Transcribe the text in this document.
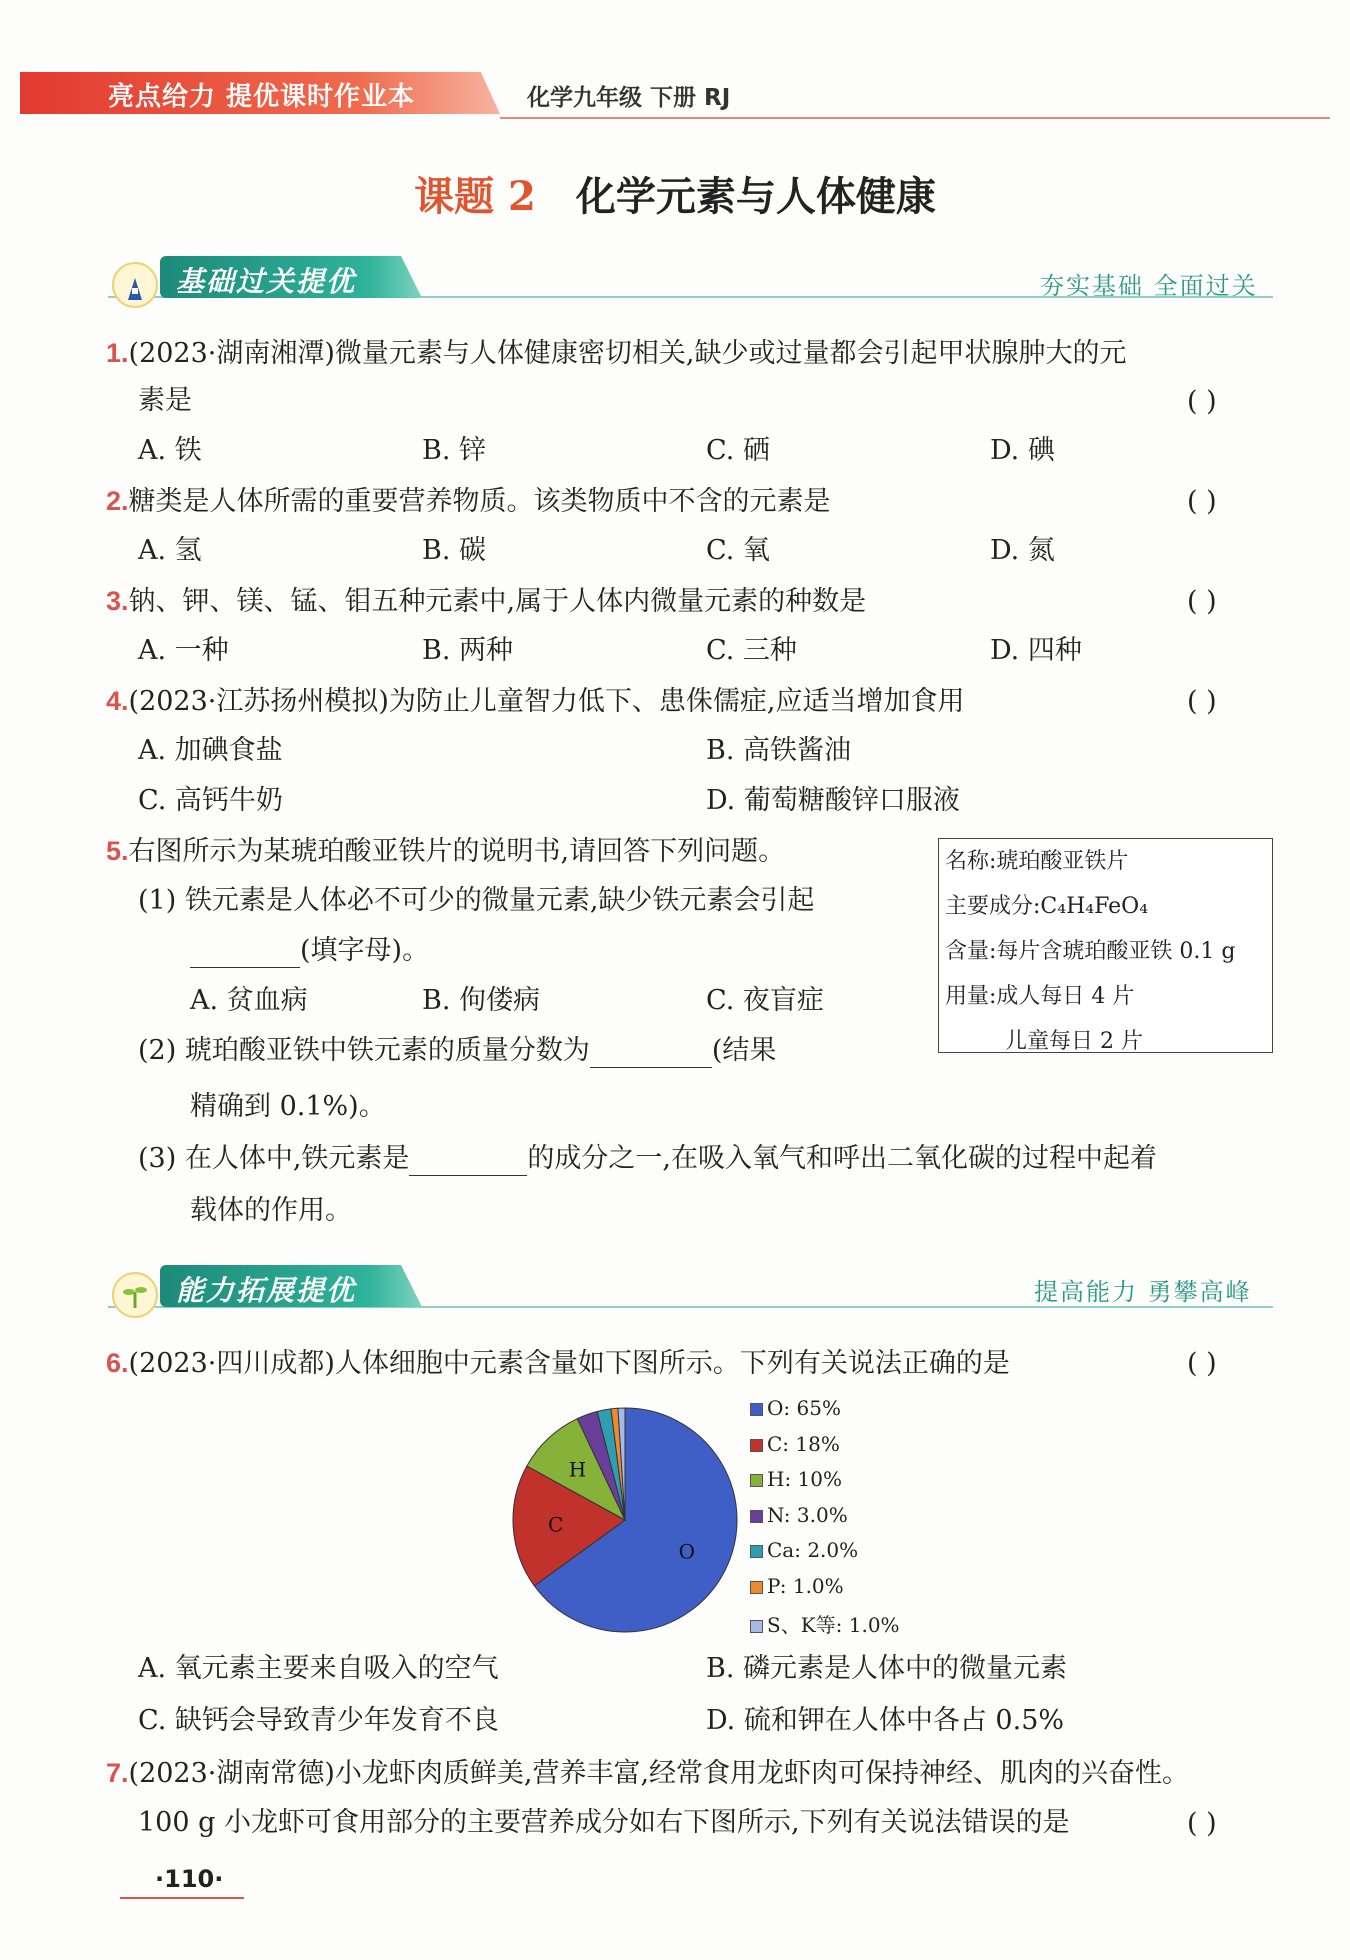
亮点给力 提优课时作业本	化学九年级 下册 RJ
课题 2 化学元素与人体健康
基础过关提优	夯实基础 全面过关
1.(2023·湖南湘潭)微量元素与人体健康密切相关,缺少或过量都会引起甲状腺肿大的元
素是	( )
A. 铁	B. 锌	C. 硒	D. 碘
2.糖类是人体所需的重要营养物质。该类物质中不含的元素是	( )
A. 氢	B. 碳	C. 氧	D. 氮
3.钠、钾、镁、锰、钼五种元素中,属于人体内微量元素的种数是	( )
A. 一种	B. 两种	C. 三种	D. 四种
4.(2023·江苏扬州模拟)为防止儿童智力低下、患侏儒症,应适当增加食用	( )
A. 加碘食盐	B. 高铁酱油
C. 高钙牛奶	D. 葡萄糖酸锌口服液
5.右图所示为某琥珀酸亚铁片的说明书,请回答下列问题。
(1) 铁元素是人体必不可少的微量元素,缺少铁元素会引起
(填字母)。
A. 贫血病	B. 佝偻病	C. 夜盲症
(2) 琥珀酸亚铁中铁元素的质量分数为	(结果
精确到 0.1%)。
(3) 在人体中,铁元素是	的成分之一,在吸入氧气和呼出二氧化碳的过程中起着
载体的作用。
名称:琥珀酸亚铁片
主要成分:C₄H₄FeO₄
含量:每片含琥珀酸亚铁 0.1 g
用量:成人每日 4 片
儿童每日 2 片
能力拓展提优	提高能力 勇攀高峰
6.(2023·四川成都)人体细胞中元素含量如下图所示。下列有关说法正确的是	( )
O
C
H
O: 65%
C: 18%
H: 10%
N: 3.0%
Ca: 2.0%
P: 1.0%
S、K等: 1.0%
A. 氧元素主要来自吸入的空气	B. 磷元素是人体中的微量元素
C. 缺钙会导致青少年发育不良	D. 硫和钾在人体中各占 0.5%
7.(2023·湖南常德)小龙虾肉质鲜美,营养丰富,经常食用龙虾肉可保持神经、肌肉的兴奋性。
100 g 小龙虾可食用部分的主要营养成分如右下图所示,下列有关说法错误的是	( )
·110·
